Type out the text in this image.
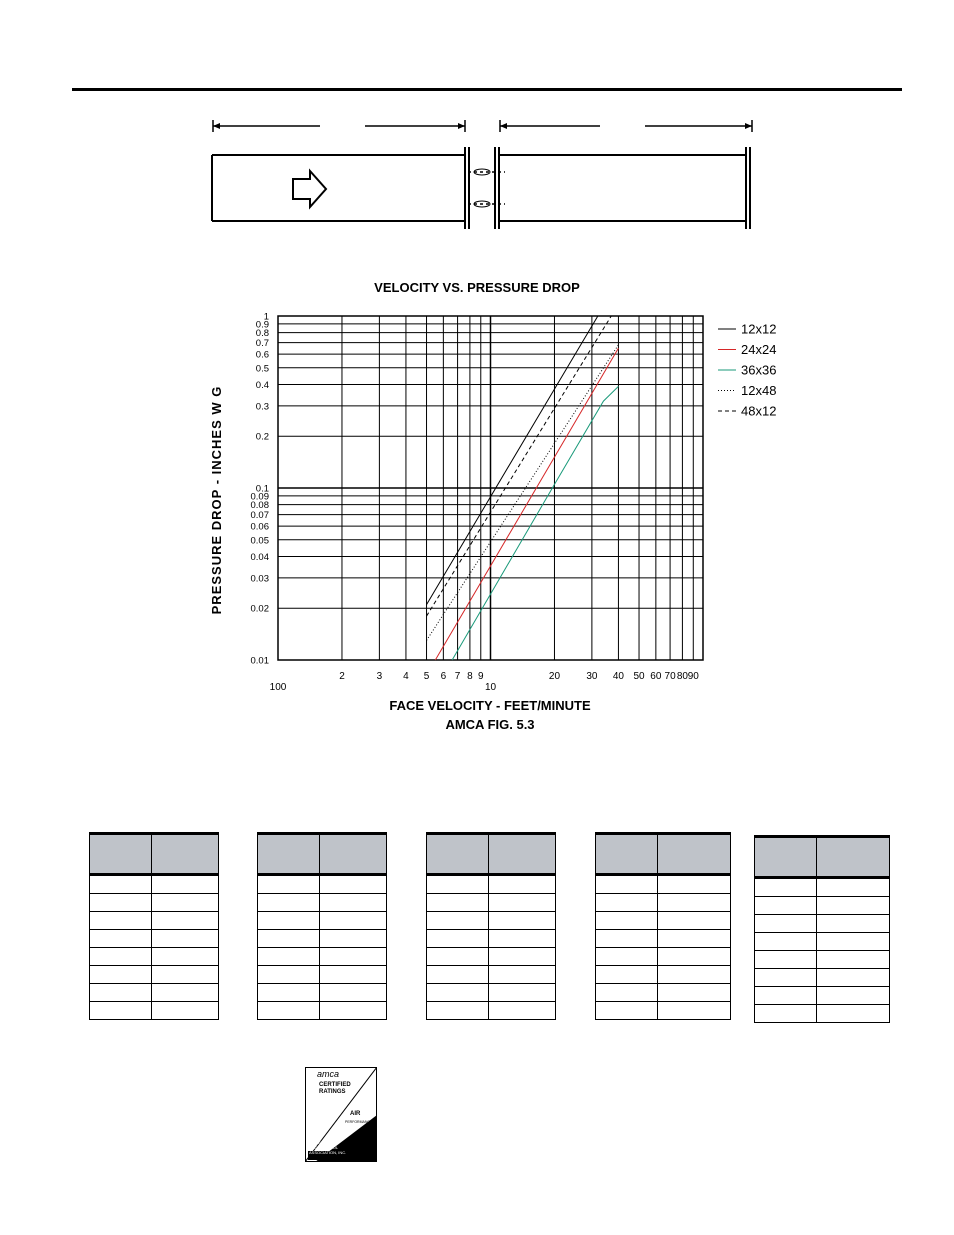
VELOCITY VS. PRESSURE DROP
100
2	3 4 5 6 7 8 9
10
20	30 40 50 60 70 80 90
0.01
0.02
0.03
0.04
0.05
0.06
0.07
0.08
0.09
0.1
0.2
0.3
0.4
0.5
0.6
0.7
0.8
0.9
1
12x12
24x24
36x36
12x48
48x12
PRESSURE DROP - INCHES W G
FACE VELOCITY - FEET/MINUTE
AMCA FIG. 5.3

amca
CERTIFIED
RATINGS
AIR
PERFORMANCE
AIR
MOVEMENT
AND CONTROL
ASSOCIATION, INC.
